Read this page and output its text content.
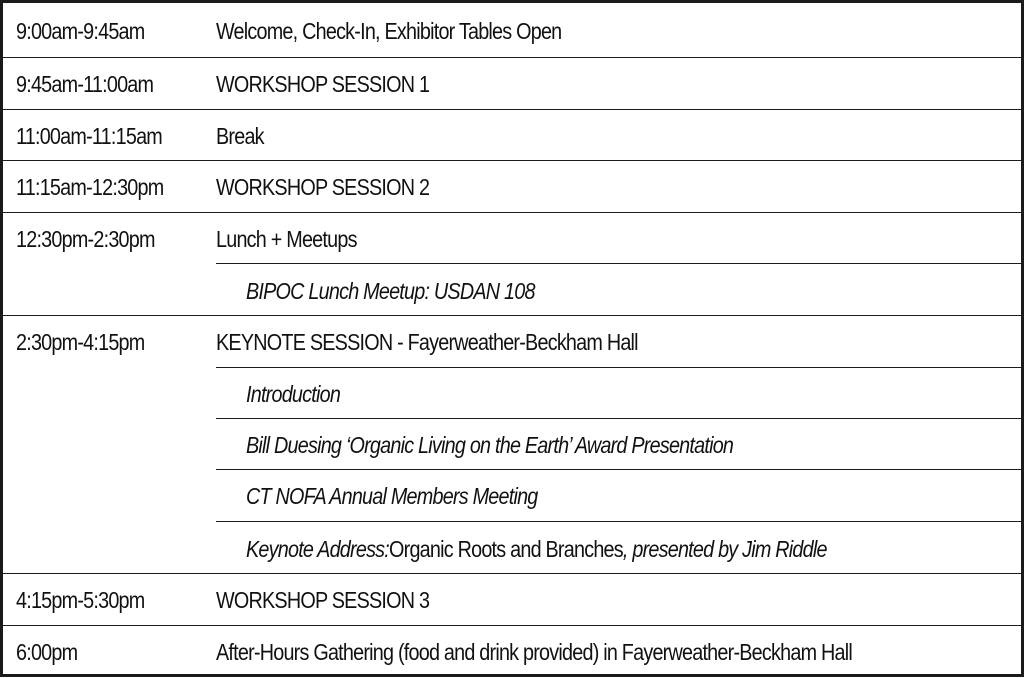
9:00am-9:45am	Welcome, Check-In, Exhibitor Tables Open
9:45am-11:00am	WORKSHOP SESSION 1
11:00am-11:15am Break
11:15am-12:30pm WORKSHOP SESSION 2
12:30pm-2:30pm	Lunch + Meetups
BIPOC Lunch Meetup: USDAN 108
2:30pm-4:15pm	KEYNOTE SESSION - Fayerweather-Beckham Hall
Introduction
Bill Duesing ‘Organic Living on the Earth’ Award Presentation
CT NOFA Annual Members Meeting
Keynote Address: Organic Roots and Branches , presented by Jim Riddle
4:15pm-5:30pm	WORKSHOP SESSION 3
6:00pm	After-Hours Gathering (food and drink provided) in Fayerweather-Beckham Hall
